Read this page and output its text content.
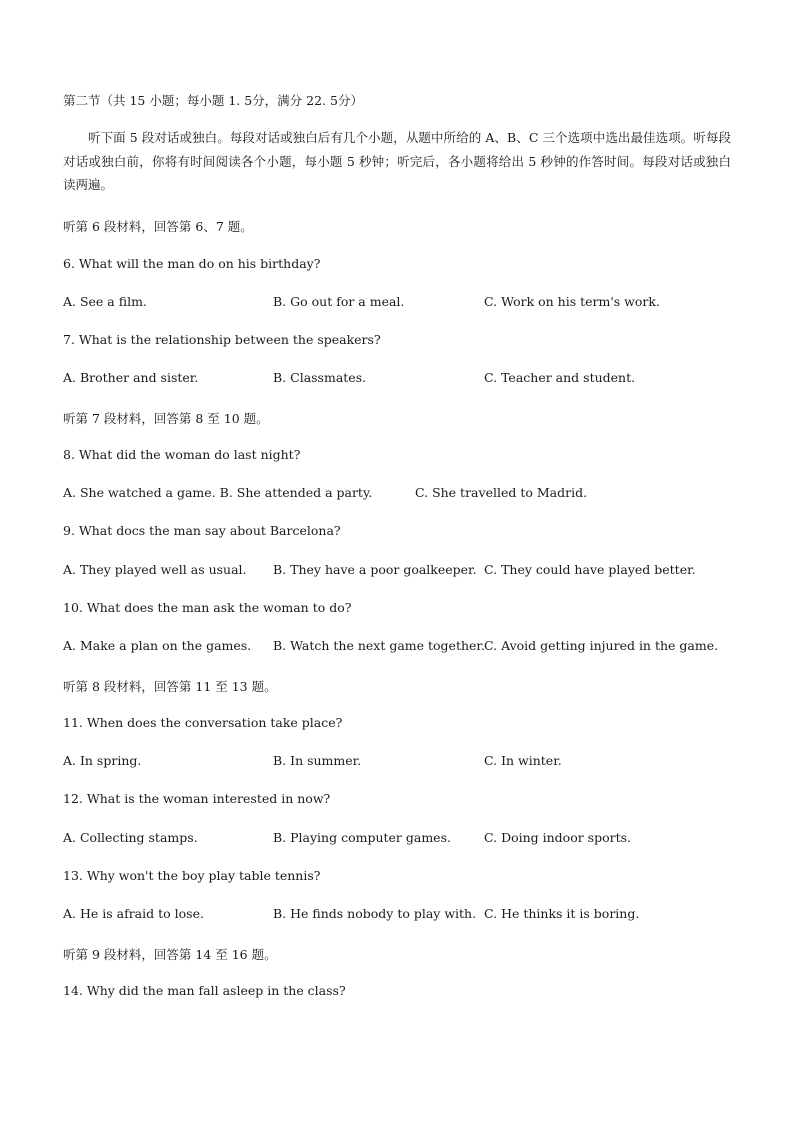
第二节（共 15 小题；每小题 1. 5分，满分 22. 5分）
听下面 5 段对话或独白。每段对话或独白后有几个小题，从题中所给的 A、B、C 三个选项中选出最佳选项。听每段对话或独白前，你将有时间阅读各个小题，每小题 5 秒钟；听完后，各小题将给出 5 秒钟的作答时间。每段对话或独白读两遍。
听第 6 段材料，回答第 6、7 题。
6. What will the man do on his birthday?
A. See a film.	B. Go out for a meal.	C. Work on his term's work.
7. What is the relationship between the speakers?
A. Brother and sister.	B. Classmates.	C. Teacher and student.
听第 7 段材料，回答第 8 至 10 题。
8. What did the woman do last night?
A. She watched a game. B. She attended a party.	C. She travelled to Madrid.
9. What docs the man say about Barcelona?
A. They played well as usual. B. They have a poor goalkeeper. C. They could have played better.
10. What does the man ask the woman to do?
A. Make a plan on the games. B. Watch the next game together.
C. Avoid getting injured in the game.
听第 8 段材料，回答第 11 至 13 题。
11. When does the conversation take place?
A. In spring.	B. In summer.	C. In winter.
12. What is the woman interested in now?
A. Collecting stamps.	B. Playing computer games.	C. Doing indoor sports.
13. Why won't the boy play table tennis?
A. He is afraid to lose.	B. He finds nobody to play with. C. He thinks it is boring.
听第 9 段材料，回答第 14 至 16 题。
14. Why did the man fall asleep in the class?
